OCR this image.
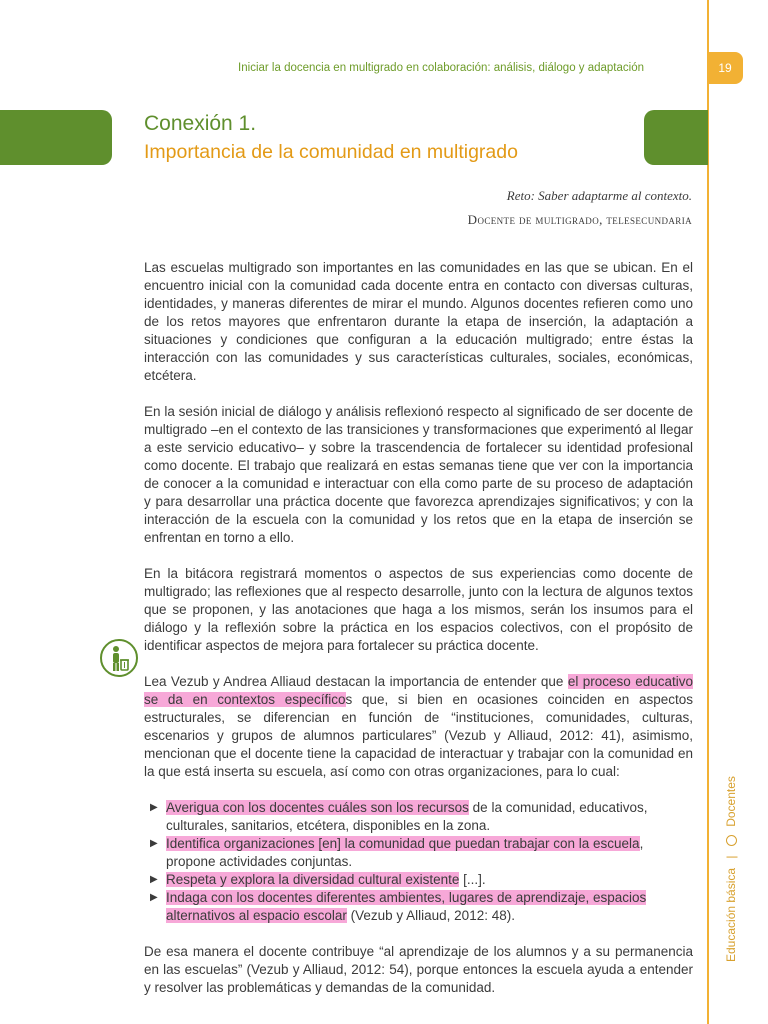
19
Iniciar la docencia en multigrado en colaboración: análisis, diálogo y adaptación
Conexión 1.
Importancia de la comunidad en multigrado
Reto: Saber adaptarme al contexto.
Docente de multigrado, telesecundaria

Las escuelas multigrado son importantes en las comunidades en las que se ubican. En el encuentro inicial con la comunidad cada docente entra en contacto con diversas culturas, identidades, y maneras diferentes de mirar el mundo. Algunos docentes refieren como uno de los retos mayores que enfrentaron durante la etapa de inserción, la adaptación a situaciones y condiciones que configuran a la educación multigrado; entre éstas la interacción con las comunidades y sus características culturales, sociales, económicas, etcétera.

En la sesión inicial de diálogo y análisis reflexionó respecto al significado de ser docente de multigrado –en el contexto de las transiciones y transformaciones que experimentó al llegar a este servicio educativo– y sobre la trascendencia de fortalecer su identidad profesional como docente. El trabajo que realizará en estas semanas tiene que ver con la importancia de conocer a la comunidad e interactuar con ella como parte de su proceso de adaptación y para desarrollar una práctica docente que favorezca aprendizajes significativos; y con la interacción de la escuela con la comunidad y los retos que en la etapa de inserción se enfrentan en torno a ello.

En la bitácora registrará momentos o aspectos de sus experiencias como docente de multigrado; las reflexiones que al respecto desarrolle, junto con la lectura de algunos textos que se proponen, y las anotaciones que haga a los mismos, serán los insumos para el diálogo y la reflexión sobre la práctica en los espacios colectivos, con el propósito de identificar aspectos de mejora para fortalecer su práctica docente.

Lea Vezub y Andrea Alliaud destacan la importancia de entender que el proceso educativo se da en contextos específicos que, si bien en ocasiones coinciden en aspectos estructurales, se diferencian en función de “instituciones, comunidades, culturas, escenarios y grupos de alumnos particulares” (Vezub y Alliaud, 2012: 41), asimismo, mencionan que el docente tiene la capacidad de interactuar y trabajar con la comunidad en la que está inserta su escuela, así como con otras organizaciones, para lo cual:

▶ Averigua con los docentes cuáles son los recursos de la comunidad, educativos, culturales, sanitarios, etcétera, disponibles en la zona.
▶ Identifica organizaciones [en] la comunidad que puedan trabajar con la escuela, propone actividades conjuntas.
▶ Respeta y explora la diversidad cultural existente [...].
▶ Indaga con los docentes diferentes ambientes, lugares de aprendizaje, espacios alternativos al espacio escolar (Vezub y Alliaud, 2012: 48).

De esa manera el docente contribuye “al aprendizaje de los alumnos y a su permanencia en las escuelas” (Vezub y Alliaud, 2012: 54), porque entonces la escuela ayuda a entender y resolver las problemáticas y demandas de la comunidad.

Educación básica |  Docentes
